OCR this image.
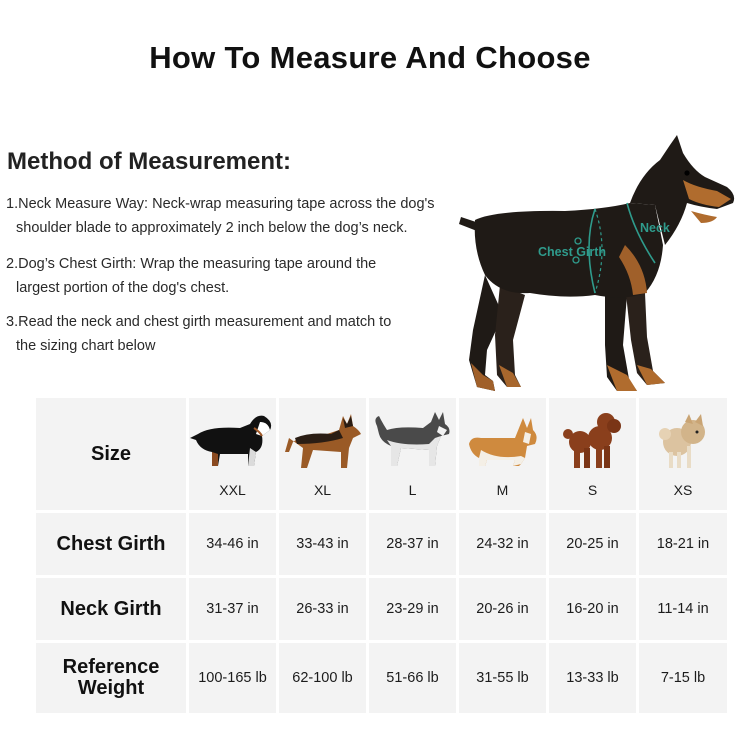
How To Measure And Choose
Method of Measurement:
1.Neck Measure Way: Neck-wrap measuring tape across the dog's
shoulder blade to approximately 2 inch below the dog’s neck.
2.Dog’s Chest Girth: Wrap the measuring tape around the
largest portion of the dog's chest.
3.Read the neck and chest girth measurement and match to
the sizing chart below
Chest Girth
Neck
Size
XXL	XL	L	M	S	XS
Chest Girth	34-46 in	33-43 in	28-37 in	24-32 in	20-25 in	18-21 in
Neck Girth	31-37 in	26-33 in	23-29 in	20-26 in	16-20 in	11-14 in
Reference
Weight	100-165 lb	62-100 lb	51-66 lb	31-55 lb	13-33 lb	7-15 lb
